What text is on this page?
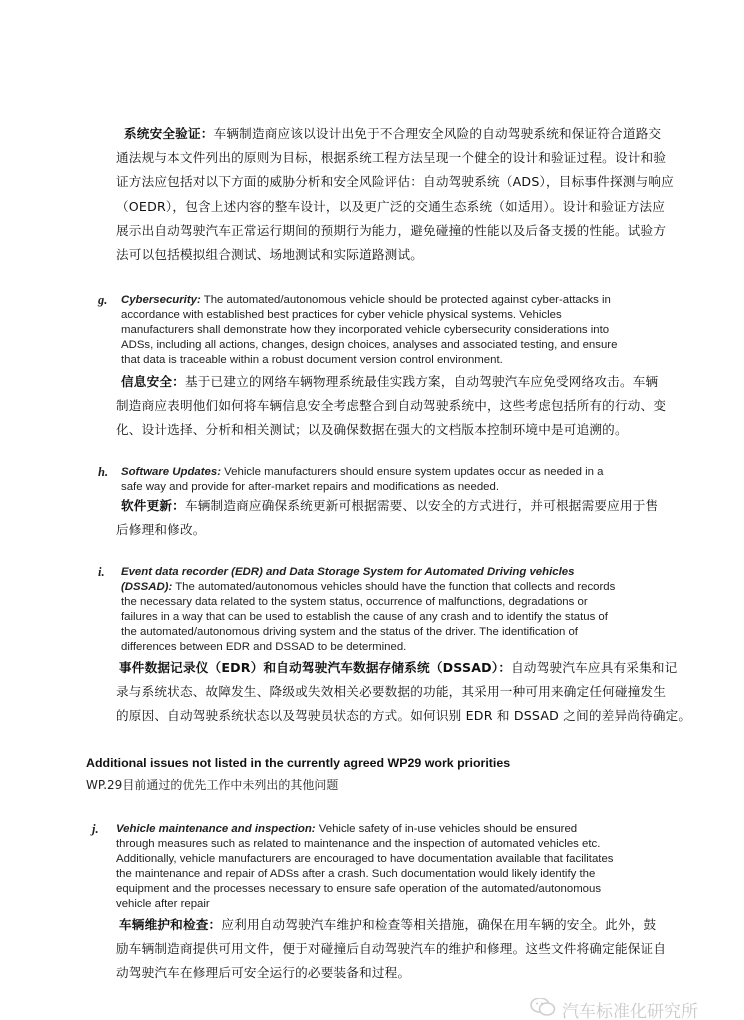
系统安全验证：车辆制造商应该以设计出免于不合理安全风险的自动驾驶系统和保证符合道路交
通法规与本文件列出的原则为目标，根据系统工程方法呈现一个健全的设计和验证过程。设计和验
证方法应包括对以下方面的威胁分析和安全风险评估：自动驾驶系统（ADS），目标事件探测与响应
（OEDR），包含上述内容的整车设计，以及更广泛的交通生态系统（如适用）。设计和验证方法应
展示出自动驾驶汽车正常运行期间的预期行为能力，避免碰撞的性能以及后备支援的性能。试验方
法可以包括模拟组合测试、场地测试和实际道路测试。
g. Cybersecurity: The automated/autonomous vehicle should be protected against cyber-attacks in
accordance with established best practices for cyber vehicle physical systems. Vehicles
manufacturers shall demonstrate how they incorporated vehicle cybersecurity considerations into
ADSs, including all actions, changes, design choices, analyses and associated testing, and ensure
that data is traceable within a robust document version control environment.
信息安全：基于已建立的网络车辆物理系统最佳实践方案，自动驾驶汽车应免受网络攻击。车辆
制造商应表明他们如何将车辆信息安全考虑整合到自动驾驶系统中，这些考虑包括所有的行动、变
化、设计选择、分析和相关测试；以及确保数据在强大的文档版本控制环境中是可追溯的。
h. Software Updates: Vehicle manufacturers should ensure system updates occur as needed in a
safe way and provide for after-market repairs and modifications as needed.
软件更新：车辆制造商应确保系统更新可根据需要、以安全的方式进行，并可根据需要应用于售
后修理和修改。
i. Event data recorder (EDR) and Data Storage System for Automated Driving vehicles
(DSSAD): The automated/autonomous vehicles should have the function that collects and records
the necessary data related to the system status, occurrence of malfunctions, degradations or
failures in a way that can be used to establish the cause of any crash and to identify the status of
the automated/autonomous driving system and the status of the driver. The identification of
differences between EDR and DSSAD to be determined.
事件数据记录仪（EDR）和自动驾驶汽车数据存储系统（DSSAD）：自动驾驶汽车应具有采集和记
录与系统状态、故障发生、降级或失效相关必要数据的功能，其采用一种可用来确定任何碰撞发生
的原因、自动驾驶系统状态以及驾驶员状态的方式。如何识别 EDR 和 DSSAD 之间的差异尚待确定。
Additional issues not listed in the currently agreed WP29 work priorities
WP.29目前通过的优先工作中未列出的其他问题
j. Vehicle maintenance and inspection: Vehicle safety of in-use vehicles should be ensured
through measures such as related to maintenance and the inspection of automated vehicles etc.
Additionally, vehicle manufacturers are encouraged to have documentation available that facilitates
the maintenance and repair of ADSs after a crash. Such documentation would likely identify the
equipment and the processes necessary to ensure safe operation of the automated/autonomous
vehicle after repair
车辆维护和检查：应利用自动驾驶汽车维护和检查等相关措施，确保在用车辆的安全。此外，鼓
励车辆制造商提供可用文件，便于对碰撞后自动驾驶汽车的维护和修理。这些文件将确定能保证自
动驾驶汽车在修理后可安全运行的必要装备和过程。
汽车标准化研究所
